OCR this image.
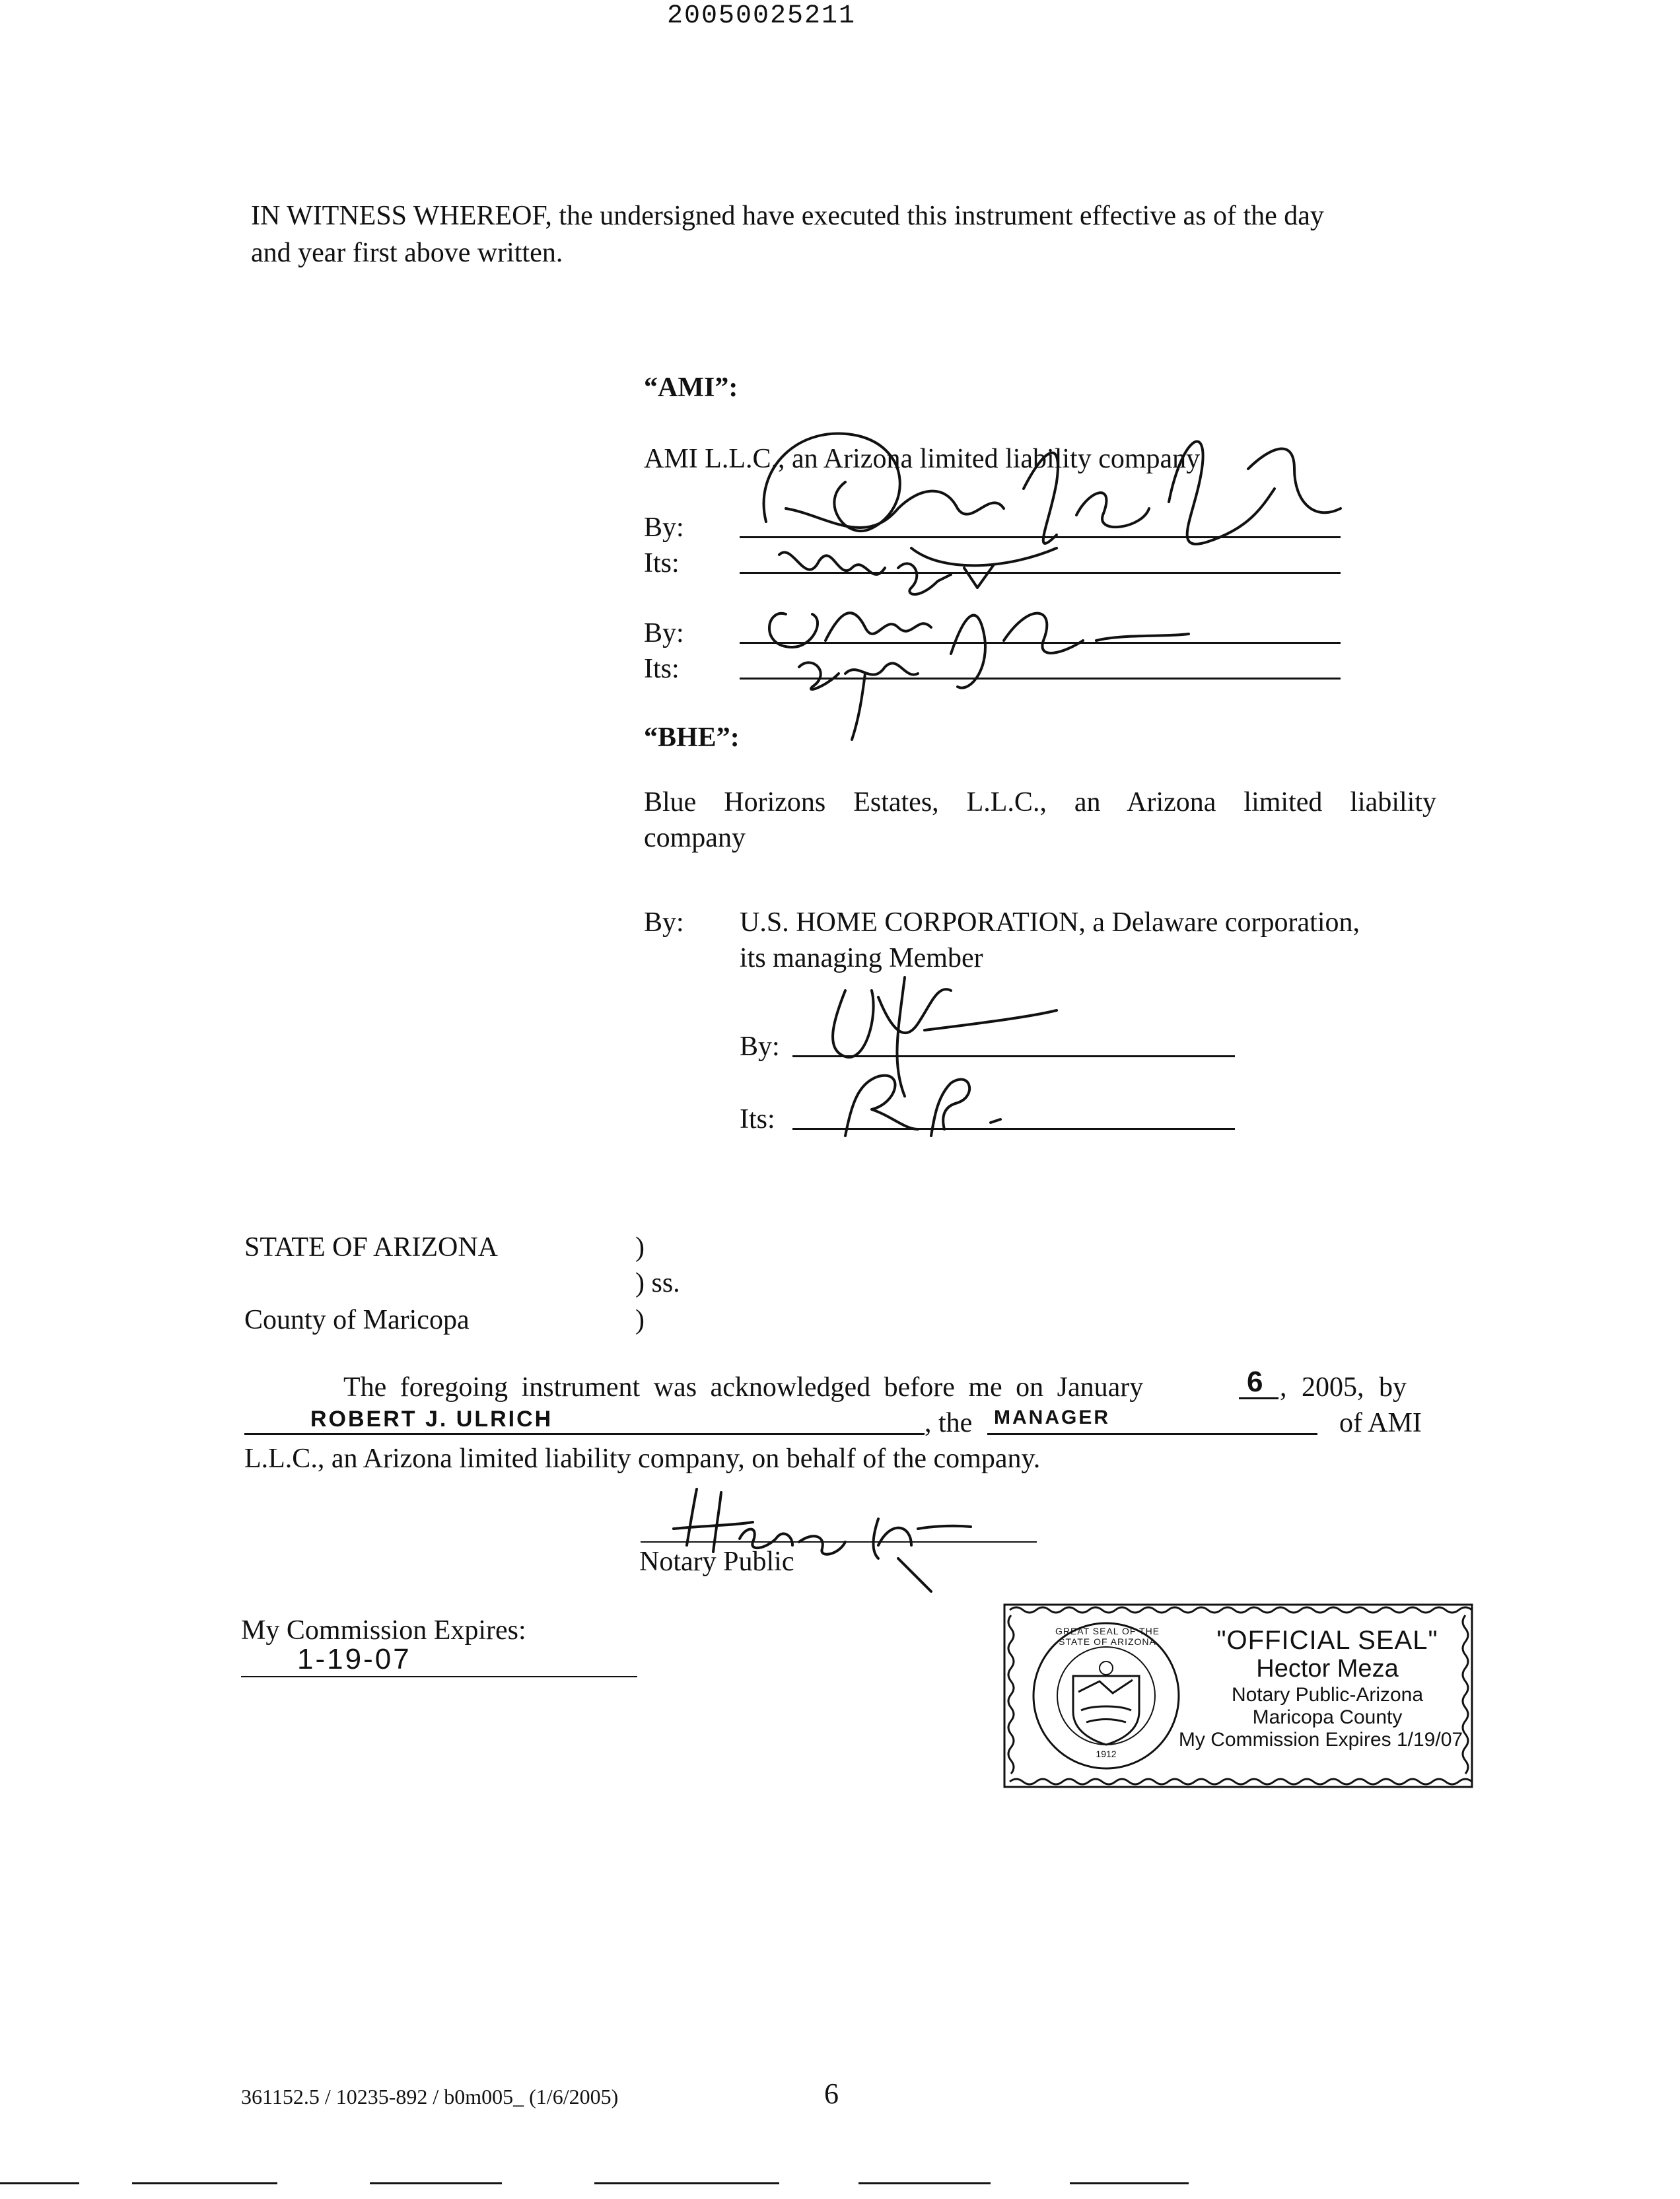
20050025211
IN WITNESS WHEREOF, the undersigned have executed this instrument effective as of the day
and year first above written.
“AMI”:
AMI L.L.C., an Arizona limited liability company
By:
Its:
By:
Its:
“BHE”:
Blue Horizons Estates, L.L.C., an Arizona limited liability
company
By: U.S. HOME CORPORATION, a Delaware corporation,
its managing Member
By:
Its:
STATE OF ARIZONA	)
) ss.
County of Maricopa	)
The foregoing instrument was acknowledged before me on January	6 , 2005, by
ROBERT J. ULRICH	, the MANAGER	of AMI
L.L.C., an Arizona limited liability company, on behalf of the company.
Notary Public
My Commission Expires:
1-19-07
GREAT SEAL OF THE STATE OF ARIZONA
1912
"OFFICIAL SEAL"
Hector Meza
Notary Public-Arizona
Maricopa County
My Commission Expires 1/19/07
361152.5 / 10235-892 / b0m005_ (1/6/2005)	6
